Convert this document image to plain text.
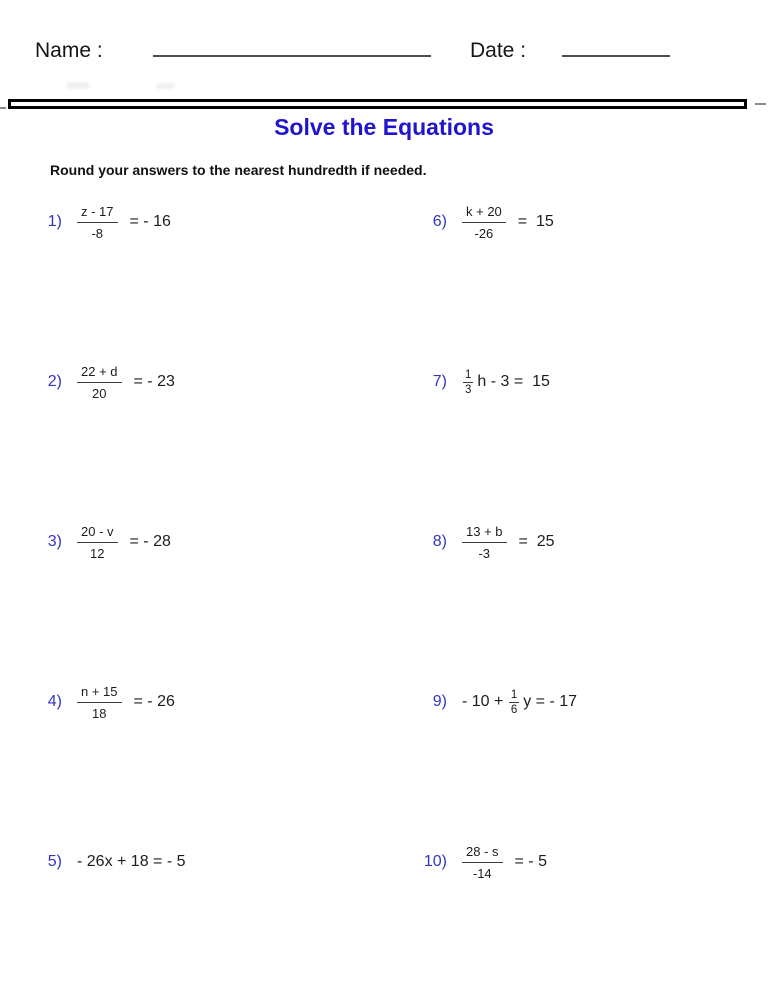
Name :	Date :
Solve the Equations

Round your answers to the nearest hundredth if needed.

$1) \frac{z - 17}{-8}$ = - 16
$2) \frac{22 + d}{20}$ = - 23
$3) \frac{20 - v}{12}$ = - 28
$4) \frac{n + 15}{18}$ = - 26
5) - 26x + 18 = - 5
$6) \frac{k + 20}{-26} = 15$
$7) \frac{1}{3}$ h - 3 =  15
$8) \frac{13 + b}{-3} = 25$
$9) - 10 + \frac{1}{6}$ y = - 17
$10) \frac{28 - s}{-14}$ = - 5
